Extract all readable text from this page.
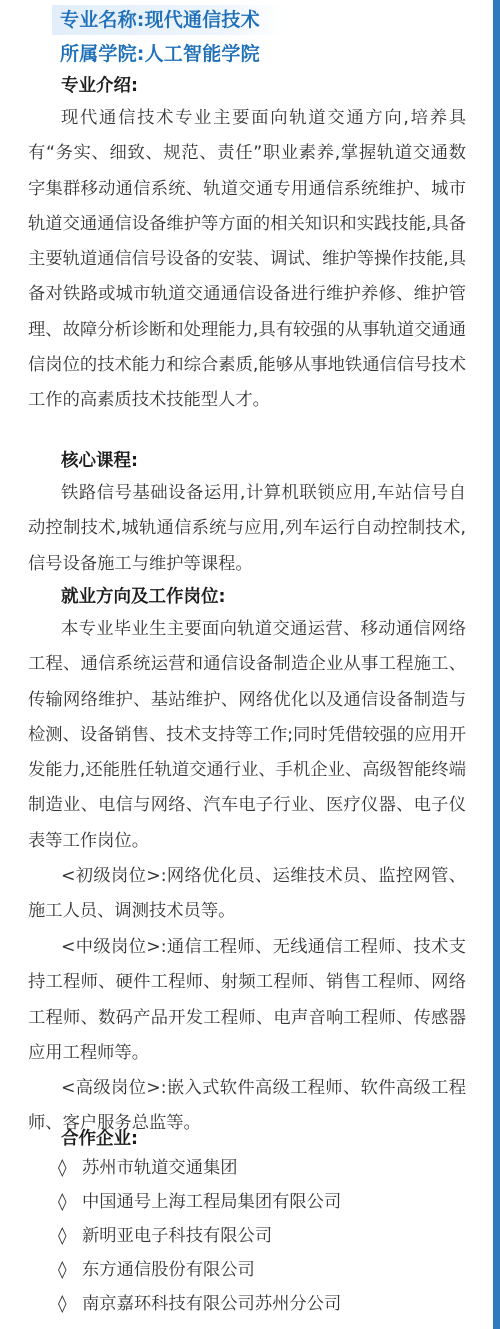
专业名称:现代通信技术
所属学院:人工智能学院
专业介绍:

现代通信技术专业主要面向轨道交通方向,培养具有“务实、细致、规范、责任”职业素养,掌握轨道交通数字集群移动通信系统、轨道交通专用通信系统维护、城市轨道交通通信设备维护等方面的相关知识和实践技能,具备主要轨道通信信号设备的安装、调试、维护等操作技能,具备对铁路或城市轨道交通通信设备进行维护养修、维护管理、故障分析诊断和处理能力,具有较强的从事轨道交通通信岗位的技术能力和综合素质,能够从事地铁通信信号技术工作的高素质技术技能型人才。

核心课程:

铁路信号基础设备运用,计算机联锁应用,车站信号自动控制技术,城轨通信系统与应用,列车运行自动控制技术,信号设备施工与维护等课程。

就业方向及工作岗位:

本专业毕业生主要面向轨道交通运营、移动通信网络工程、通信系统运营和通信设备制造企业从事工程施工、传输网络维护、基站维护、网络优化以及通信设备制造与检测、设备销售、技术支持等工作;同时凭借较强的应用开发能力,还能胜任轨道交通行业、手机企业、高级智能终端制造业、电信与网络、汽车电子行业、医疗仪器、电子仪表等工作岗位。

<初级岗位>:网络优化员、运维技术员、监控网管、施工人员、调测技术员等。

<中级岗位>:通信工程师、无线通信工程师、技术支持工程师、硬件工程师、射频工程师、销售工程师、网络工程师、数码产品开发工程师、电声音响工程师、传感器应用工程师等。

<高级岗位>:嵌入式软件高级工程师、软件高级工程师、客户服务总监等。

合作企业:
◊ 苏州市轨道交通集团
◊ 中国通号上海工程局集团有限公司
◊ 新明亚电子科技有限公司
◊ 东方通信股份有限公司
◊ 南京嘉环科技有限公司苏州分公司
